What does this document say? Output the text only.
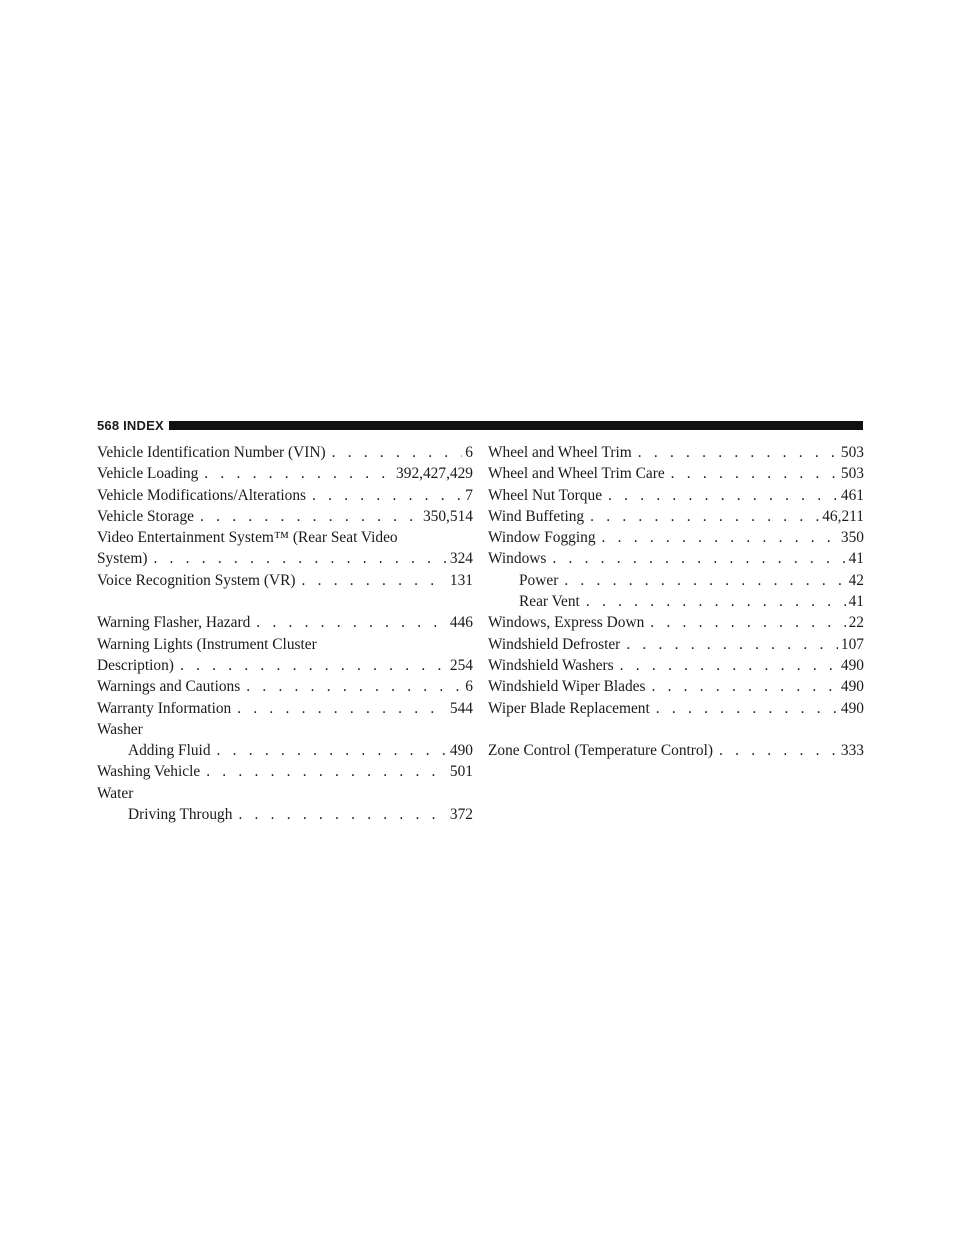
568 INDEX
Vehicle Identification Number (VIN) . . .	6
Vehicle Loading . . .	392,427,429
Vehicle Modifications/Alterations . . .	7
Vehicle Storage . . .	350,514
Video Entertainment System™ (Rear Seat Video
System) . . .	324
Voice Recognition System (VR) . . .	131
Warning Flasher, Hazard . . .	446
Warning Lights (Instrument Cluster
Description) . . .	254
Warnings and Cautions . . .	6
Warranty Information . . .	544
Washer
Adding Fluid . . .	490
Washing Vehicle . . .	501
Water
Driving Through . . .	372
Wheel and Wheel Trim . . .	503
Wheel and Wheel Trim Care . . .	503
Wheel Nut Torque . . .	461
Wind Buffeting . . .	46,211
Window Fogging . . .	350
Windows . . .	41
Power . . .	42
Rear Vent . . .	41
Windows, Express Down . . .	22
Windshield Defroster . . .	107
Windshield Washers . . .	490
Windshield Wiper Blades . . .	490
Wiper Blade Replacement . . .	490
Zone Control (Temperature Control) . . .	333
